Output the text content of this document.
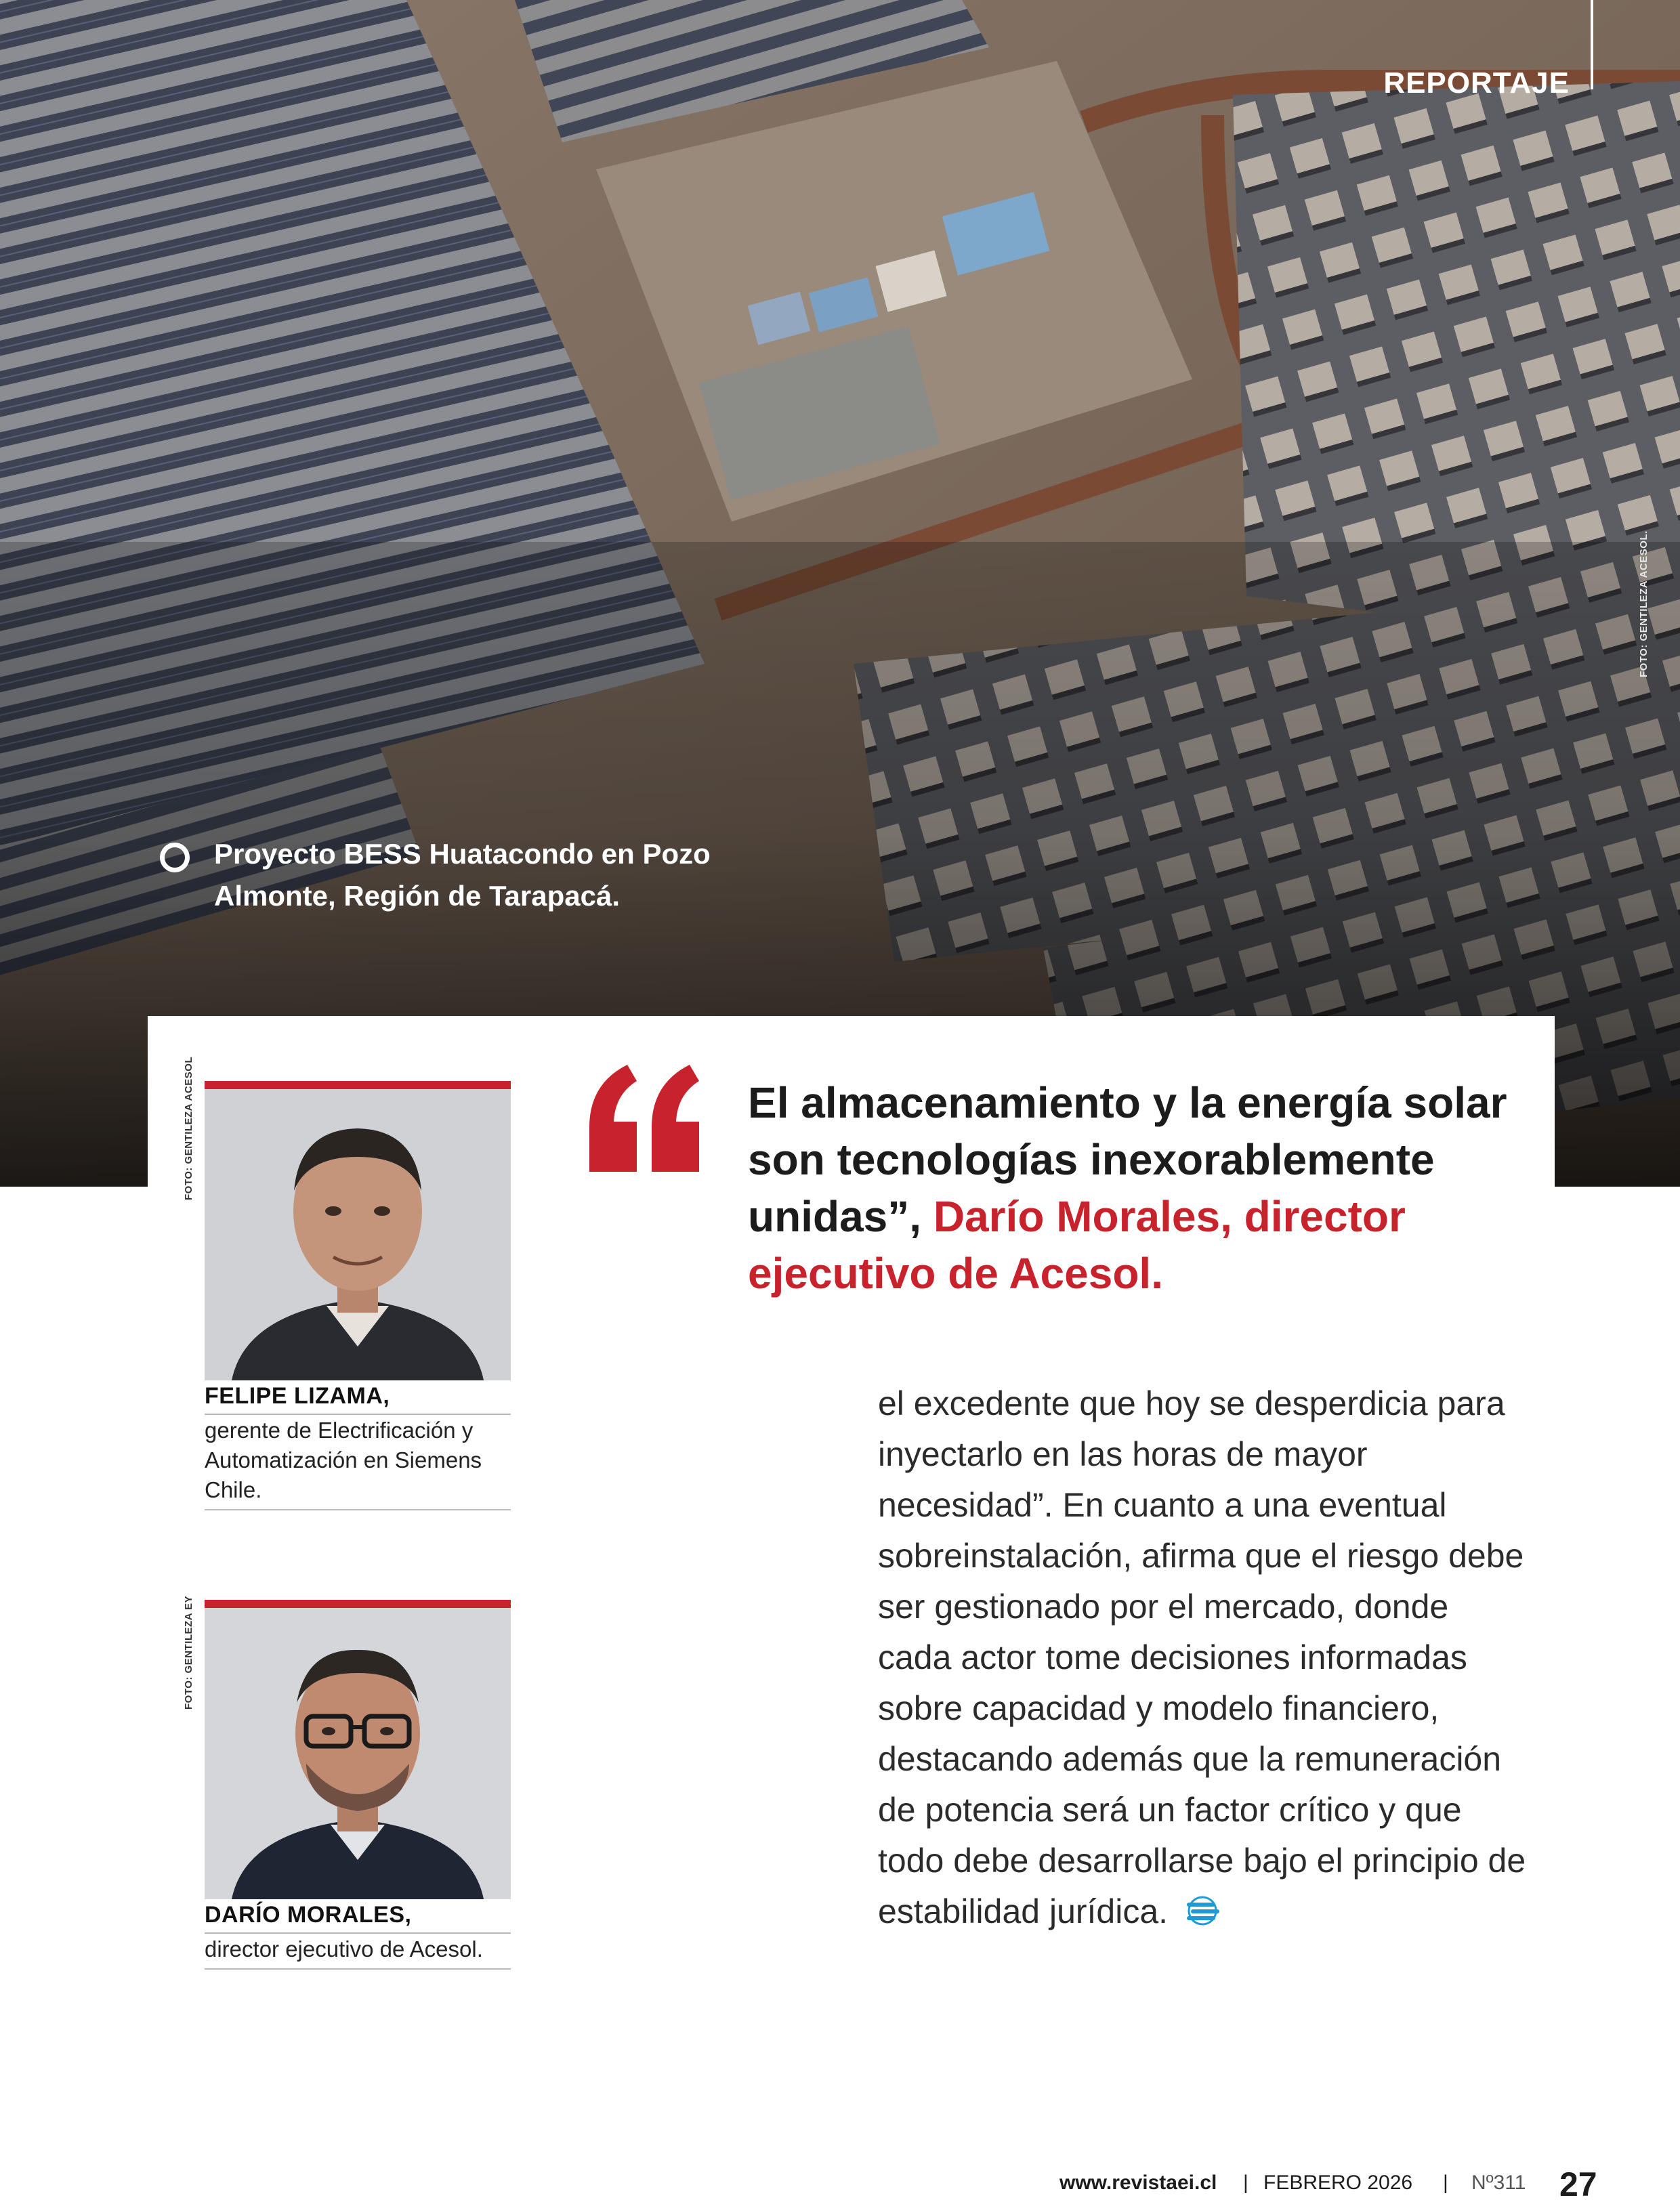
REPORTAJE
FOTO: GENTILEZA ACESOL.
Proyecto BESS Huatacondo en Pozo Almonte, Región de Tarapacá.
FOTO: GENTILEZA ACESOL
FELIPE LIZAMA,
gerente de Electrificación y Automatización en Siemens Chile.
FOTO: GENTILEZA EY
DARÍO MORALES,
director ejecutivo de Acesol.
El almacenamiento y la energía solar son tecnologías inexorablemente unidas”, Darío Morales, director ejecutivo de Acesol.
el excedente que hoy se desperdicia para inyectarlo en las horas de mayor necesidad”. En cuanto a una eventual sobreinstalación, afirma que el riesgo debe ser gestionado por el mercado, donde cada actor tome decisiones informadas sobre capacidad y modelo financiero, destacando además que la remuneración de potencia será un factor crítico y que todo debe desarrollarse bajo el principio de estabilidad jurídica.
www.revistaei.cl | FEBRERO 2026 | Nº311 27
